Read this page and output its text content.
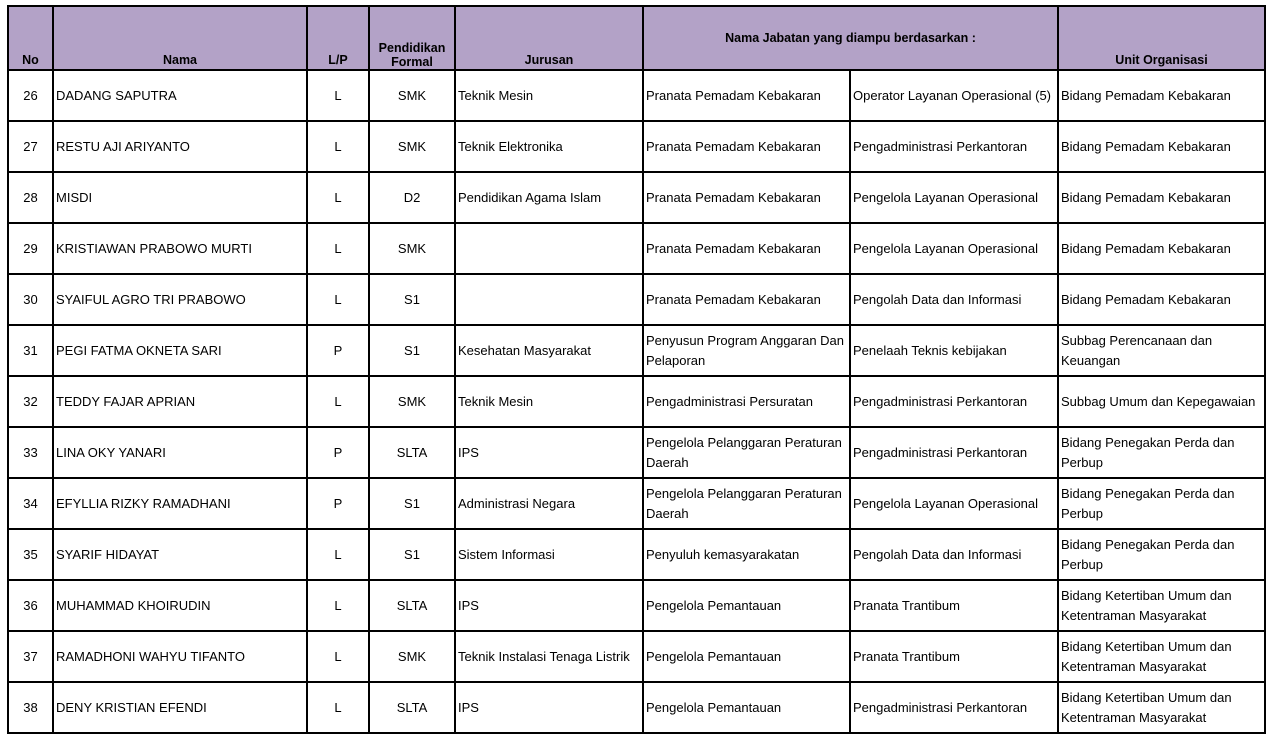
No	Nama	L/P	Pendidikan Formal	Jurusan	Nama Jabatan yang diampu berdasarkan :		Unit Organisasi

26	DADANG SAPUTRA	L	SMK	Teknik Mesin	Pranata Pemadam Kebakaran	Operator Layanan Operasional (5)	Bidang Pemadam Kebakaran
27	RESTU AJI ARIYANTO	L	SMK	Teknik Elektronika	Pranata Pemadam Kebakaran	Pengadministrasi Perkantoran	Bidang Pemadam Kebakaran
28	MISDI	L	D2	Pendidikan Agama Islam	Pranata Pemadam Kebakaran	Pengelola Layanan Operasional	Bidang Pemadam Kebakaran
29	KRISTIAWAN PRABOWO MURTI	L	SMK		Pranata Pemadam Kebakaran	Pengelola Layanan Operasional	Bidang Pemadam Kebakaran
30	SYAIFUL AGRO TRI PRABOWO	L	S1		Pranata Pemadam Kebakaran	Pengolah Data dan Informasi	Bidang Pemadam Kebakaran
31	PEGI FATMA OKNETA SARI	P	S1	Kesehatan Masyarakat	Penyusun Program Anggaran Dan Pelaporan	Penelaah Teknis kebijakan	Subbag Perencanaan dan Keuangan
32	TEDDY FAJAR APRIAN	L	SMK	Teknik Mesin	Pengadministrasi Persuratan	Pengadministrasi Perkantoran	Subbag Umum dan Kepegawaian
33	LINA OKY YANARI	P	SLTA	IPS	Pengelola Pelanggaran Peraturan Daerah	Pengadministrasi Perkantoran	Bidang Penegakan Perda dan Perbup
34	EFYLLIA RIZKY RAMADHANI	P	S1	Administrasi Negara	Pengelola Pelanggaran Peraturan Daerah	Pengelola Layanan Operasional	Bidang Penegakan Perda dan Perbup
35	SYARIF HIDAYAT	L	S1	Sistem Informasi	Penyuluh kemasyarakatan	Pengolah Data dan Informasi	Bidang Penegakan Perda dan Perbup
36	MUHAMMAD KHOIRUDIN	L	SLTA	IPS	Pengelola Pemantauan	Pranata Trantibum	Bidang Ketertiban Umum dan Ketentraman Masyarakat
37	RAMADHONI WAHYU TIFANTO	L	SMK	Teknik Instalasi Tenaga Listrik	Pengelola Pemantauan	Pranata Trantibum	Bidang Ketertiban Umum dan Ketentraman Masyarakat
38	DENY KRISTIAN EFENDI	L	SLTA	IPS	Pengelola Pemantauan	Pengadministrasi Perkantoran	Bidang Ketertiban Umum dan Ketentraman Masyarakat
